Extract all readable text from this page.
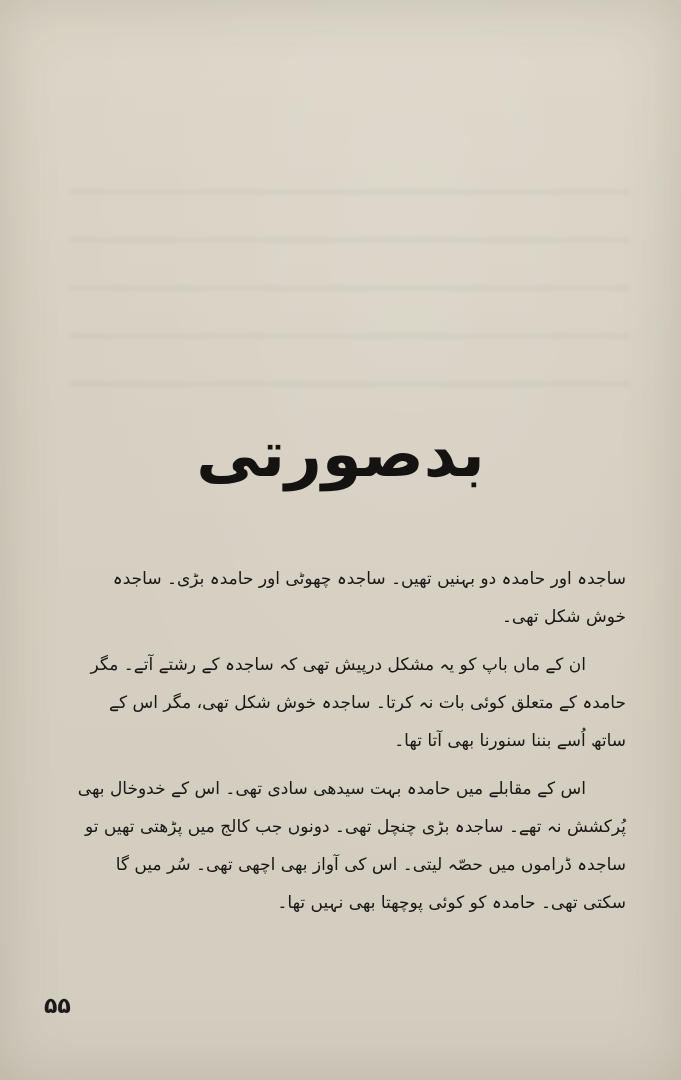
بدصورتی

ساجدہ اور حامدہ دو بہنیں تھیں۔ ساجدہ چھوٹی اور حامدہ بڑی۔ ساجدہ خوش شکل تھی۔

ان کے ماں باپ کو یہ مشکل درپیش تھی کہ ساجدہ کے رشتے آتے۔ مگر حامدہ کے متعلق کوئی بات نہ کرتا۔ ساجدہ خوش شکل تھی، مگر اس کے ساتھ اُسے بننا سنورنا بھی آتا تھا۔

اس کے مقابلے میں حامدہ بہت سیدھی سادی تھی۔ اس کے خدوخال بھی پُرکشش نہ تھے۔ ساجدہ بڑی چنچل تھی۔ دونوں جب کالج میں پڑھتی تھیں تو ساجدہ ڈراموں میں حصّہ لیتی۔ اس کی آواز بھی اچھی تھی۔ سُر میں گا سکتی تھی۔ حامدہ کو کوئی پوچھتا بھی نہیں تھا۔

۵۵
